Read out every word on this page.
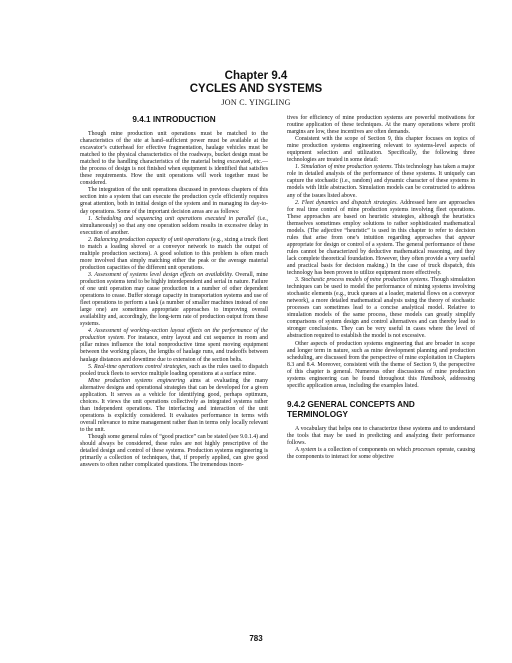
Chapter 9.4
CYCLES AND SYSTEMS
JON C. YINGLING
9.4.1 INTRODUCTION

Though mine production unit operations must be matched to the characteristics of the site at hand–sufficient power must be available at the excavator’s cutterhead for effective fragmentation, haulage vehicles must be matched to the physical characteristics of the roadways, bucket design must be matched to the handling characteristics of the material being excavated, etc.—the process of design is not finished when equipment is identified that satisfies these requirements. How the unit operations will work together must be considered.

The integration of the unit operations discussed in previous chapters of this section into a system that can execute the production cycle efficiently requires great attention, both in initial design of the system and in managing its day-to-day operations. Some of the important decision areas are as follows:

1. Scheduling and sequencing unit operations executed in parallel (i.e., simultaneously) so that any one operation seldom results in excessive delay in execution of another.

2. Balancing production capacity of unit operations (e.g., sizing a truck fleet to match a loading shovel or a conveyor network to match the output of multiple production sections). A good solution to this problem is often much more involved than simply matching either the peak or the average material production capacities of the different unit operations.

3. Assessment of systems level design effects on availability. Overall, mine production systems tend to be highly interdependent and serial in nature. Failure of one unit operation may cause production in a number of other dependent operations to cease. Buffer storage capacity in transportation systems and use of fleet operations to perform a task (a number of smaller machines instead of one large one) are sometimes appropriate approaches to improving overall availability and, accordingly, the long-term rate of production output from these systems.

4. Assessment of working-section layout effects on the performance of the production system. For instance, entry layout and cut sequence in room and pillar mines influence the total nonproductive time spent moving equipment between the working places, the lengths of haulage runs, and tradeoffs between haulage distances and downtime due to extension of the section belts.

5. Real-time operations control strategies, such as the rules used to dispatch pooled truck fleets to service multiple loading operations at a surface mine.

Mine production systems engineering aims at evaluating the many alternative designs and operational strategies that can be developed for a given application. It serves as a vehicle for identifying good, perhaps optimum, choices. It views the unit operations collectively as integrated systems rather than independent operations. The interfacing and interaction of the unit operations is explicitly considered. It evaluates performance in terms with overall relevance to mine management rather than in terms only locally relevant to the unit.

Though some general rules of “good practice” can be stated (see 9.0.1.4) and should always be considered, these rules are not highly prescriptive of the detailed design and control of these systems. Production systems engineering is primarily a collection of techniques, that, if properly applied, can give good answers to often rather complicated questions. The tremendous incen-

tives for efficiency of mine production systems are powerful motivations for routine application of these techniques. At the many operations where profit margins are low, these incentives are often demands.

Consistent with the scope of Section 9, this chapter focuses on topics of mine production systems engineering relevant to systems-level aspects of equipment selection and utilization. Specifically, the following three technologies are treated in some detail:

1. Simulation of mine production systems. This technology has taken a major role in detailed analysis of the performance of these systems. It uniquely can capture the stochastic (i.e., random) and dynamic character of these systems in models with little abstraction. Simulation models can be constructed to address any of the issues listed above.

2. Fleet dynamics and dispatch strategies. Addressed here are approaches for real time control of mine production systems involving fleet operations. These approaches are based on heuristic strategies, although the heuristics themselves sometimes employ solutions to rather sophisticated mathematical models. (The adjective “heuristic” is used in this chapter to refer to decision rules that arise from one’s intuition regarding approaches that appear appropriate for design or control of a system. The general performance of these rules cannot be characterized by deductive mathematical reasoning, and they lack complete theoretical foundation. However, they often provide a very useful and practical basis for decision making.) In the case of truck dispatch, this technology has been proven to utilize equipment more effectively.

3. Stochastic process models of mine production systems. Though simulation techniques can be used to model the performance of mining systems involving stochastic elements (e.g., truck queues at a loader, material flows on a conveyor network), a more detailed mathematical analysis using the theory of stochastic processes can sometimes lead to a concise analytical model. Relative to simulation models of the same process, these models can greatly simplify comparisons of system design and control alternatives and can thereby lead to stronger conclusions. They can be very useful in cases where the level of abstraction required to establish the model is not excessive.

Other aspects of production systems engineering that are broader in scope and longer term in nature, such as mine development planning and production scheduling, are discussed from the perspective of mine exploitation in Chapters 8.3 and 8.4. Moreover, consistent with the theme of Section 9, the perspective of this chapter is general. Numerous other discussions of mine production systems engineering can be found throughout this Handbook, addressing specific application areas, including the examples listed.

9.4.2 GENERAL CONCEPTS AND TERMINOLOGY

A vocabulary that helps one to characterize these systems and to understand the tools that may be used in predicting and analyzing their performance follows.

A system is a collection of components on which processes operate, causing the components to interact for some objective

783
